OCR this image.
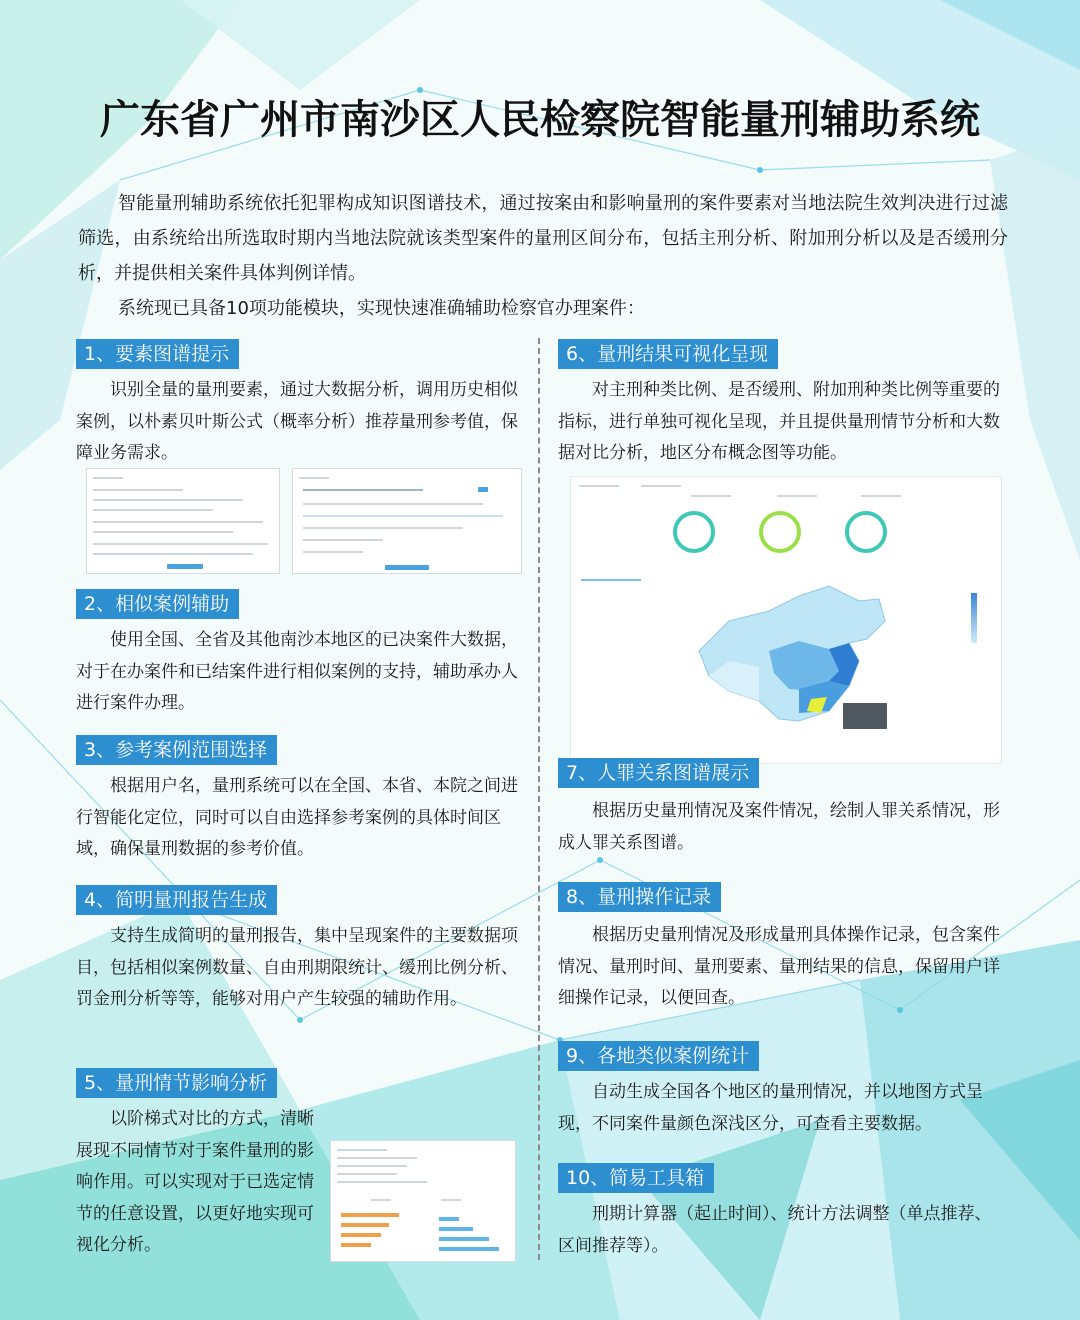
广东省广州市南沙区人民检察院智能量刑辅助系统

智能量刑辅助系统依托犯罪构成知识图谱技术，通过按案由和影响量刑的案件要素对当地法院生效判决进行过滤筛选，由系统给出所选取时期内当地法院就该类型案件的量刑区间分布，包括主刑分析、附加刑分析以及是否缓刑分析，并提供相关案件具体判例详情。

系统现已具备10项功能模块，实现快速准确辅助检察官办理案件：

1、要素图谱提示

识别全量的量刑要素，通过大数据分析，调用历史相似案例，以朴素贝叶斯公式（概率分析）推荐量刑参考值，保障业务需求。

2、相似案例辅助

使用全国、全省及其他南沙本地区的已决案件大数据，对于在办案件和已结案件进行相似案例的支持，辅助承办人进行案件办理。

3、参考案例范围选择

根据用户名，量刑系统可以在全国、本省、本院之间进行智能化定位，同时可以自由选择参考案例的具体时间区域，确保量刑数据的参考价值。

4、简明量刑报告生成

支持生成简明的量刑报告，集中呈现案件的主要数据项目，包括相似案例数量、自由刑期限统计、缓刑比例分析、罚金刑分析等等，能够对用户产生较强的辅助作用。

5、量刑情节影响分析

以阶梯式对比的方式，清晰展现不同情节对于案件量刑的影响作用。可以实现对于已选定情节的任意设置，以更好地实现可视化分析。

6、量刑结果可视化呈现

对主刑种类比例、是否缓刑、附加刑种类比例等重要的指标，进行单独可视化呈现，并且提供量刑情节分析和大数据对比分析，地区分布概念图等功能。

7、人罪关系图谱展示

根据历史量刑情况及案件情况，绘制人罪关系情况，形成人罪关系图谱。

8、量刑操作记录

根据历史量刑情况及形成量刑具体操作记录，包含案件情况、量刑时间、量刑要素、量刑结果的信息，保留用户详细操作记录，以便回查。

9、各地类似案例统计

自动生成全国各个地区的量刑情况，并以地图方式呈现，不同案件量颜色深浅区分，可查看主要数据。

10、简易工具箱

刑期计算器（起止时间）、统计方法调整（单点推荐、区间推荐等）。
